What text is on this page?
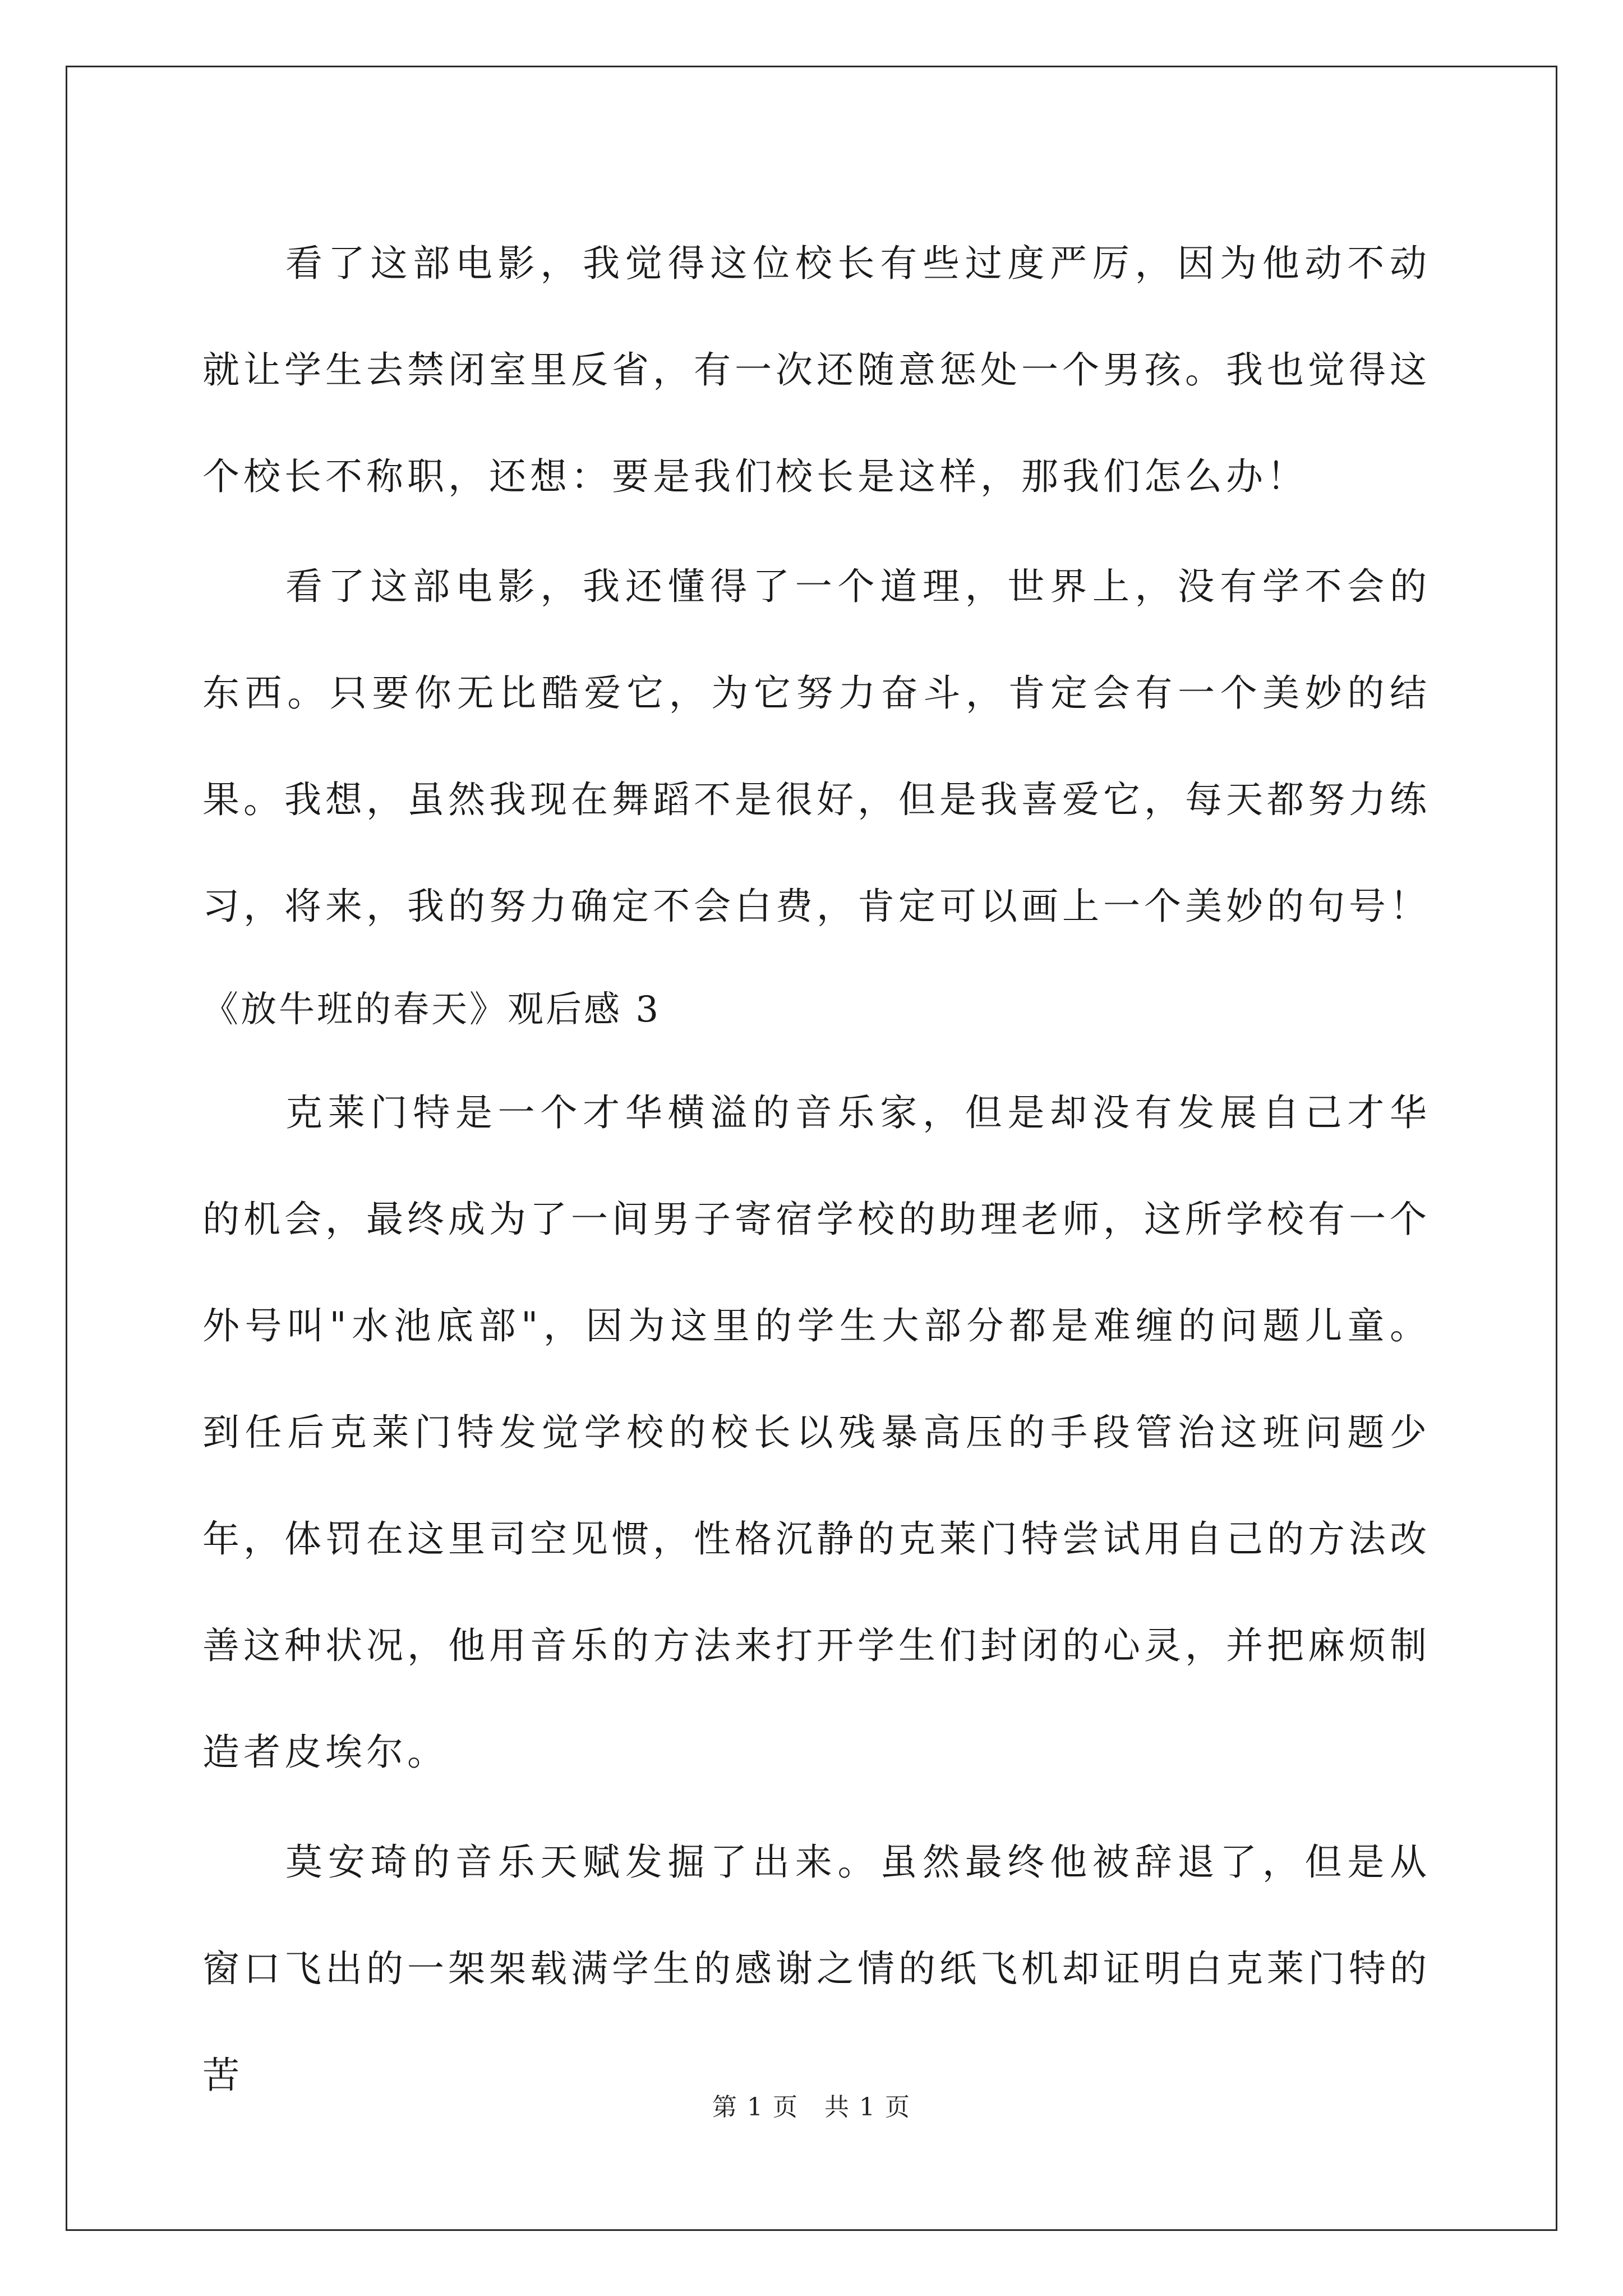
看了这部电影，我觉得这位校长有些过度严厉，因为他动不动就让学生去禁闭室里反省，有一次还随意惩处一个男孩。我也觉得这个校长不称职，还想：要是我们校长是这样，那我们怎么办！

看了这部电影，我还懂得了一个道理，世界上，没有学不会的东西。只要你无比酷爱它，为它努力奋斗，肯定会有一个美妙的结果。我想，虽然我现在舞蹈不是很好，但是我喜爱它，每天都努力练习，将来，我的努力确定不会白费，肯定可以画上一个美妙的句号！

《放牛班的春天》观后感 3

克莱门特是一个才华横溢的音乐家，但是却没有发展自己才华的机会，最终成为了一间男子寄宿学校的助理老师，这所学校有一个外号叫"水池底部"，因为这里的学生大部分都是难缠的问题儿童。到任后克莱门特发觉学校的校长以残暴高压的手段管治这班问题少年，体罚在这里司空见惯，性格沉静的克莱门特尝试用自己的方法改善这种状况，他用音乐的方法来打开学生们封闭的心灵，并把麻烦制造者皮埃尔。

莫安琦的音乐天赋发掘了出来。虽然最终他被辞退了，但是从窗口飞出的一架架载满学生的感谢之情的纸飞机却证明白克莱门特的苦

第 1 页　共 1 页
